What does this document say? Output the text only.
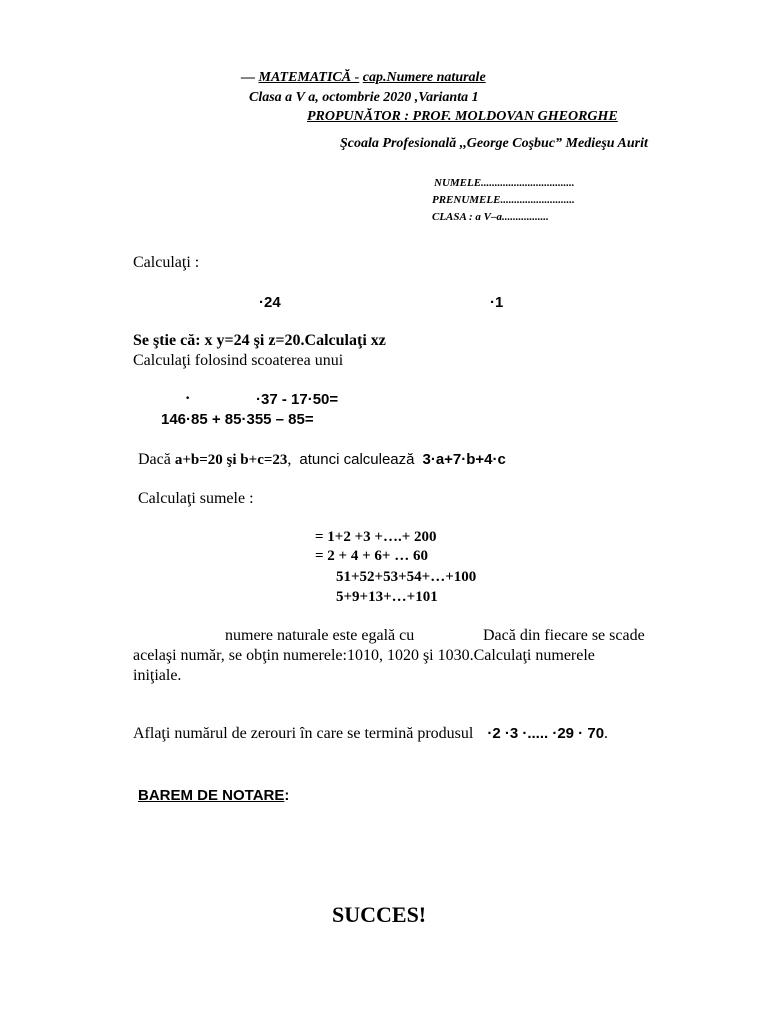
— MATEMATICĂ - cap.Numere naturale
Clasa a V a, octombrie 2020 ,Varianta 1
PROPUNĂTOR : PROF. MOLDOVAN GHEORGHE
Şcoala Profesională ,,George Coşbuc” Medieşu Aurit
NUMELE..................................
PRENUMELE...........................
CLASA : a V–a.................
Calculaţi :
·24	·1
Se ştie că: x y=24 şi z=20.Calculaţi xz
Calculaţi folosind scoaterea unui
·	·37 - 17·50=
146·85 + 85·355 – 85=
Dacă a+b=20 şi b+c=23, atunci calculează 3·a+7·b+4·c
Calculaţi sumele :
= 1+2 +3 +….+ 200
= 2 + 4 + 6+ … 60
51+52+53+54+…+100
5+9+13+…+101
numere naturale este egală cu	Dacă din fiecare se scade
acelaşi număr, se obţin numerele:1010, 1020 şi 1030.Calculaţi numerele
iniţiale.
Aflaţi numărul de zerouri în care se termină produsul ·2 ·3 ·..... ·29 · 70.
BAREM DE NOTARE:
SUCCES!
